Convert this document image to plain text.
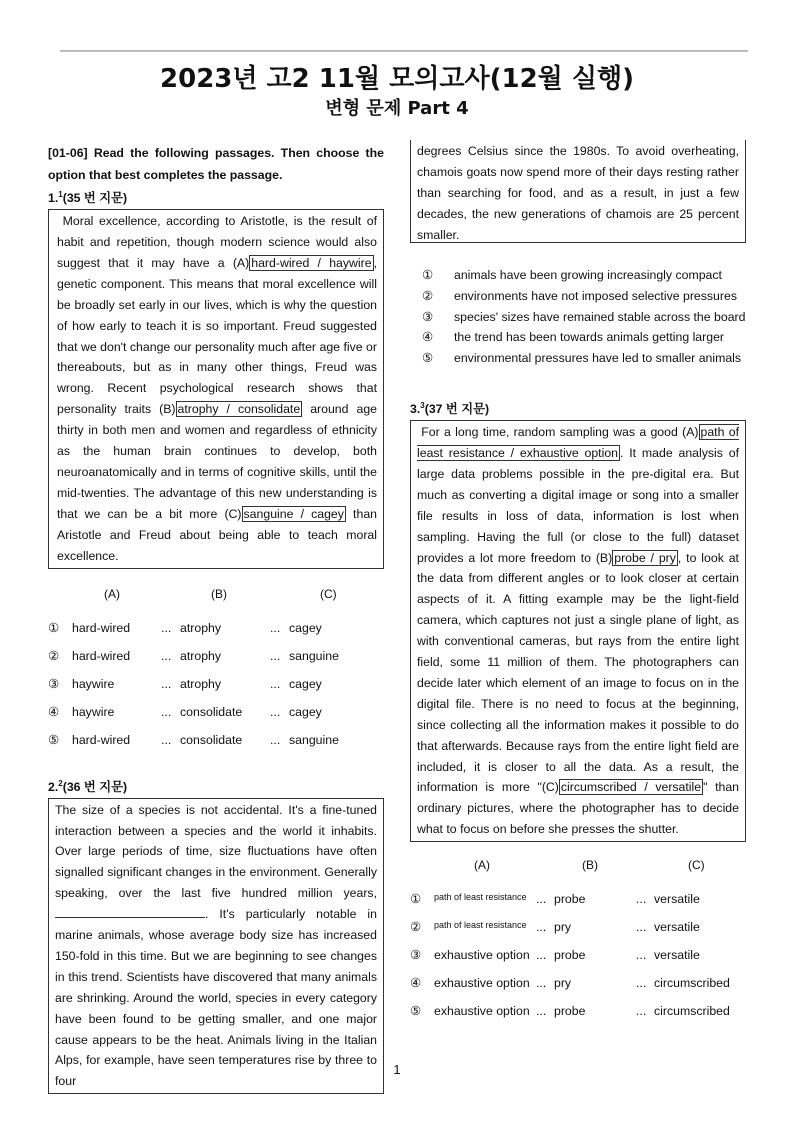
2023년 고2 11월 모의고사(12월 실행)
변형 문제 Part 4
[01-06] Read the following passages. Then choose the option that best completes the passage.
1.$^1$(35 번 지문)
Moral excellence, according to Aristotle, is the result of habit and repetition, though modern science would also suggest that it may have a (A) hard-wired / haywire , genetic component. This means that moral excellence will be broadly set early in our lives, which is why the question of how early to teach it is so important. Freud suggested that we don't change our personality much after age five or thereabouts, but as in many other things, Freud was wrong. Recent psychological research shows that personality traits (B) atrophy / consolidate around age thirty in both men and women and regardless of ethnicity as the human brain continues to develop, both neuroanatomically and in terms of cognitive skills, until the mid-twenties. The advantage of this new understanding is that we can be a bit more (C) sanguine / cagey than Aristotle and Freud about being able to teach moral excellence.
(A)	(B)	(C)
① hard-wired	... atrophy	... cagey
② hard-wired	... atrophy	... sanguine
③ haywire	... atrophy	... cagey
④ haywire	... consolidate ... cagey
⑤ hard-wired	... consolidate ... sanguine
2.$^2$(36 번 지문)
The size of a species is not accidental. It's a fine-tuned interaction between a species and the world it inhabits. Over large periods of time, size fluctuations have often signalled significant changes in the environment. Generally speaking, over the last five hundred million years, . It's particularly notable in marine animals, whose average body size has increased 150-fold in this time. But we are beginning to see changes in this trend. Scientists have discovered that many animals are shrinking. Around the world, species in every category have been found to be getting smaller, and one major cause appears to be the heat. Animals living in the Italian Alps, for example, have seen temperatures rise by three to four
degrees Celsius since the 1980s. To avoid overheating, chamois goats now spend more of their days resting rather than searching for food, and as a result, in just a few decades, the new generations of chamois are 25 percent smaller.
① animals have been growing increasingly compact
② environments have not imposed selective pressures
③ species' sizes have remained stable across the board
④ the trend has been towards animals getting larger
⑤ environmental pressures have led to smaller animals
3.$^3$(37 번 지문)
For a long time, random sampling was a good (A) path of least resistance / exhaustive option . It made analysis of large data problems possible in the pre-digital era. But much as converting a digital image or song into a smaller file results in loss of data, information is lost when sampling. Having the full (or close to the full) dataset provides a lot more freedom to (B) probe / pry , to look at the data from different angles or to look closer at certain aspects of it. A fitting example may be the light-field camera, which captures not just a single plane of light, as with conventional cameras, but rays from the entire light field, some 11 million of them. The photographers can decide later which element of an image to focus on in the digital file. There is no need to focus at the beginning, since collecting all the information makes it possible to do that afterwards. Because rays from the entire light field are included, it is closer to all the data. As a result, the information is more "(C) circumscribed / versatile " than ordinary pictures, where the photographer has to decide what to focus on before she presses the shutter.
(A)	(B)	(C)
① path of least resistance ... probe	... versatile
② path of least resistance ... pry	... versatile
③ exhaustive option ... probe	... versatile
④ exhaustive option ... pry	... circumscribed
⑤ exhaustive option ... probe	... circumscribed
1
